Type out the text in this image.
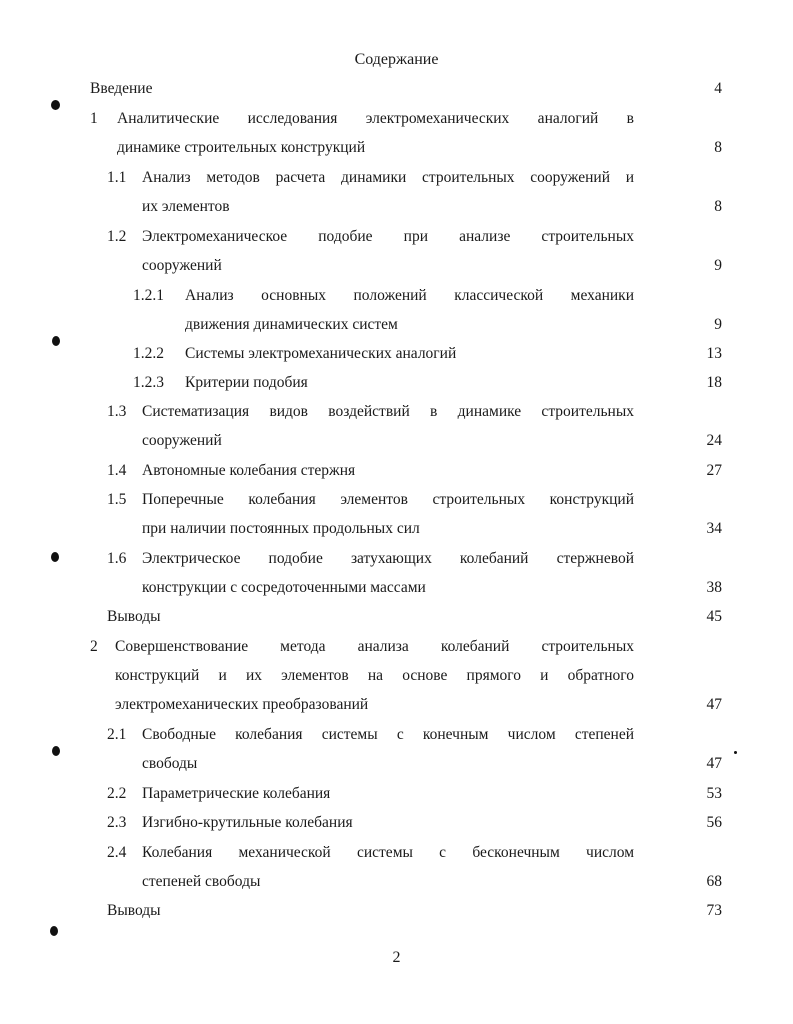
Содержание
Введение	4
1 Аналитические исследования электромеханических аналогий в
динамике строительных конструкций	8
1.1 Анализ методов расчета динамики строительных сооружений и
их элементов	8
1.2 Электромеханическое подобие при анализе строительных
сооружений	9
1.2.1 Анализ основных положений классической механики
движения динамических систем	9
1.2.2 Системы электромеханических аналогий	13
1.2.3 Критерии подобия	18
1.3 Систематизация видов воздействий в динамике строительных
сооружений	24
1.4 Автономные колебания стержня	27
1.5 Поперечные колебания элементов строительных конструкций
при наличии постоянных продольных сил	34
1.6 Электрическое подобие затухающих колебаний стержневой
конструкции с сосредоточенными массами	38
Выводы	45
2 Совершенствование метода анализа колебаний строительных
конструкций и их элементов на основе прямого и обратного
электромеханических преобразований	47
2.1 Свободные колебания системы с конечным числом степеней
свободы	47
2.2 Параметрические колебания	53
2.3 Изгибно-крутильные колебания	56
2.4 Колебания механической системы с бесконечным числом
степеней свободы	68
Выводы	73
2
